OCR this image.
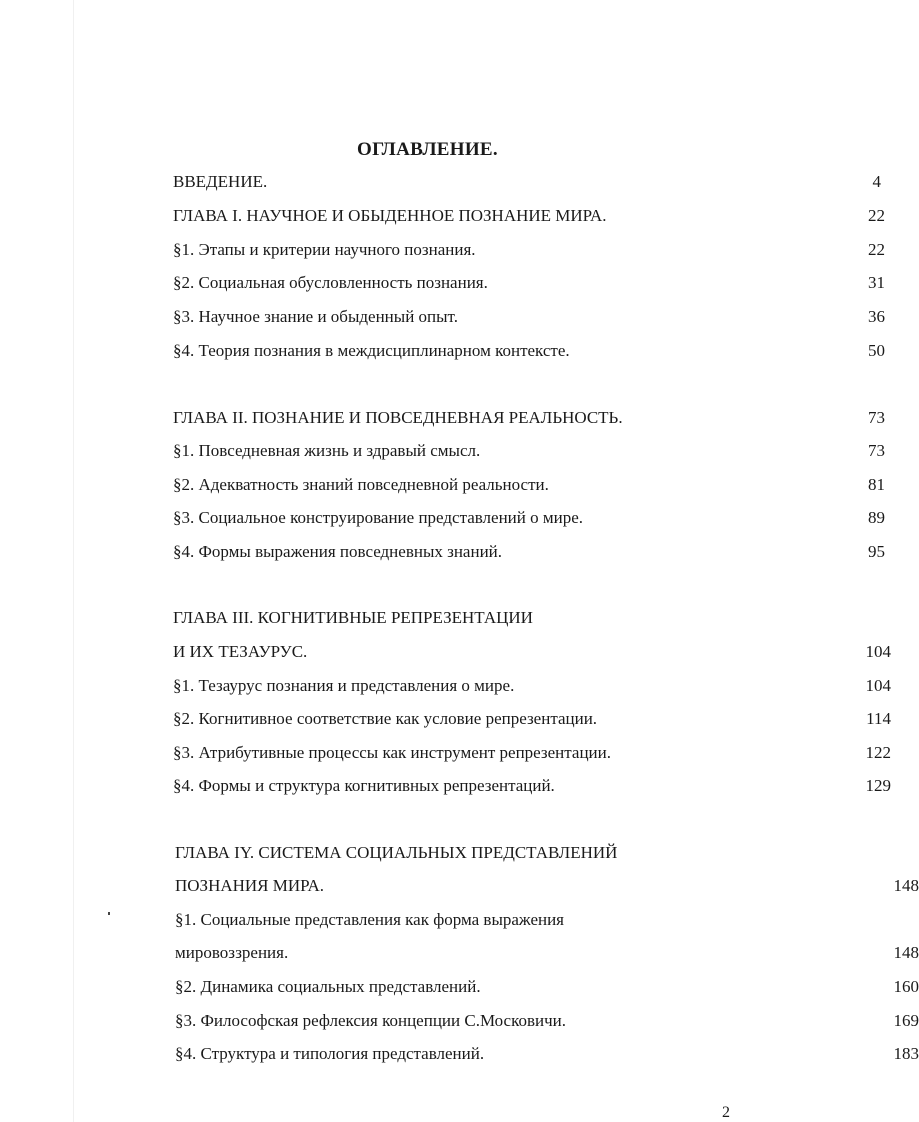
ОГЛАВЛЕНИЕ.
ВВЕДЕНИЕ.	4
ГЛАВА I. НАУЧНОЕ И ОБЫДЕННОЕ ПОЗНАНИЕ МИРА.	22
§1. Этапы и критерии научного познания.	22
§2. Социальная обусловленность познания.	31
§3. Научное знание и обыденный опыт.	36
§4. Теория познания в междисциплинарном контексте.	50
ГЛАВА II. ПОЗНАНИЕ И ПОВСЕДНЕВНАЯ РЕАЛЬНОСТЬ.	73
§1. Повседневная жизнь и здравый смысл.	73
§2. Адекватность знаний повседневной реальности.	81
§3. Социальное конструирование представлений о мире.	89
§4. Формы выражения повседневных знаний.	95
ГЛАВА III. КОГНИТИВНЫЕ РЕПРЕЗЕНТАЦИИ
И ИХ ТЕЗАУРУС.	104
§1. Тезаурус познания и представления о мире.	104
§2. Когнитивное соответствие как условие репрезентации.	114
§3. Атрибутивные процессы как инструмент репрезентации.	122
§4. Формы и структура когнитивных репрезентаций.	129
ГЛАВА IY. СИСТЕМА СОЦИАЛЬНЫХ ПРЕДСТАВЛЕНИЙ
ПОЗНАНИЯ МИРА.	148
§1. Социальные представления как форма выражения
мировоззрения.	148
§2. Динамика социальных представлений.	160
§3. Философская рефлексия концепции С.Московичи.	169
§4. Структура и типология представлений.	183
2
